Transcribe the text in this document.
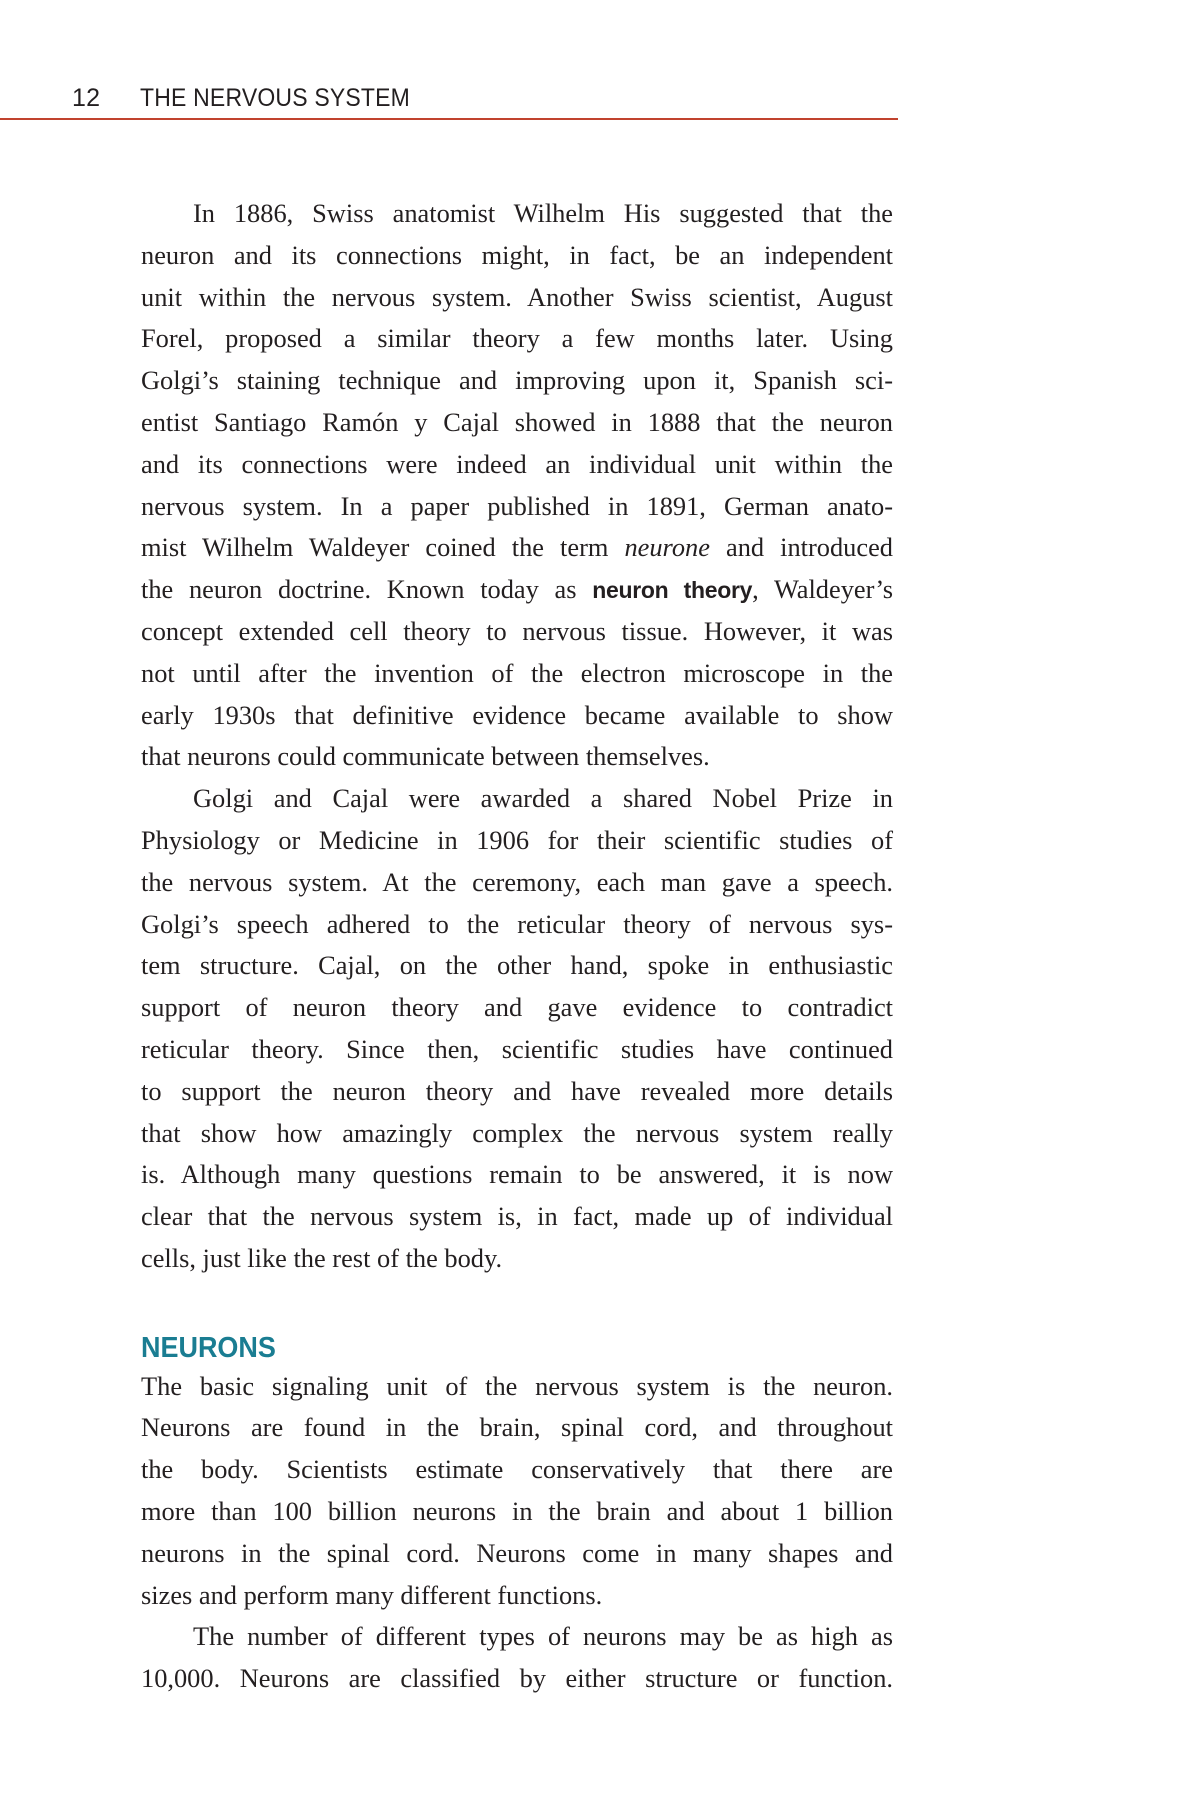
12 THE NERVOUS SYSTEM
In 1886, Swiss anatomist Wilhelm His suggested that the
neuron and its connections might, in fact, be an independent
unit within the nervous system. Another Swiss scientist, August
Forel, proposed a similar theory a few months later. Using
Golgi’s staining technique and improving upon it, Spanish sci-
entist Santiago Ramón y Cajal showed in 1888 that the neuron
and its connections were indeed an individual unit within the
nervous system. In a paper published in 1891, German anato-
mist Wilhelm Waldeyer coined the term neurone and introduced
the neuron doctrine. Known today as neuron theory, Waldeyer’s
concept extended cell theory to nervous tissue. However, it was
not until after the invention of the electron microscope in the
early 1930s that definitive evidence became available to show
that neurons could communicate between themselves.
Golgi and Cajal were awarded a shared Nobel Prize in
Physiology or Medicine in 1906 for their scientific studies of
the nervous system. At the ceremony, each man gave a speech.
Golgi’s speech adhered to the reticular theory of nervous sys-
tem structure. Cajal, on the other hand, spoke in enthusiastic
support of neuron theory and gave evidence to contradict
reticular theory. Since then, scientific studies have continued
to support the neuron theory and have revealed more details
that show how amazingly complex the nervous system really
is. Although many questions remain to be answered, it is now
clear that the nervous system is, in fact, made up of individual
cells, just like the rest of the body.
NEURONS
The basic signaling unit of the nervous system is the neuron.
Neurons are found in the brain, spinal cord, and throughout
the body. Scientists estimate conservatively that there are
more than 100 billion neurons in the brain and about 1 billion
neurons in the spinal cord. Neurons come in many shapes and
sizes and perform many different functions.
The number of different types of neurons may be as high as
10,000. Neurons are classified by either structure or function.
